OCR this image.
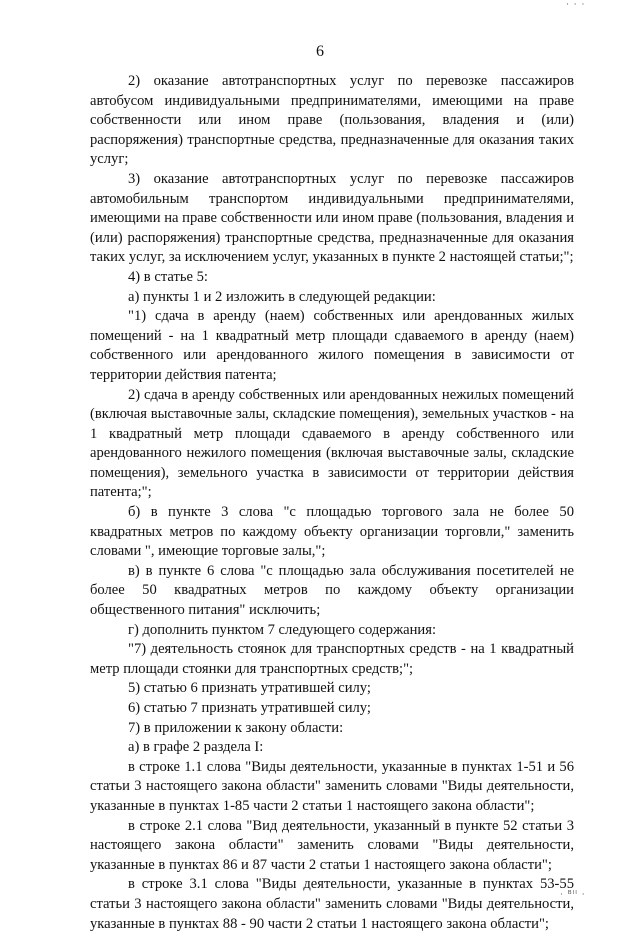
· · ·
6

2) оказание автотранспортных услуг по перевозке пассажиров автобусом индивидуальными предпринимателями, имеющими на праве собственности или ином праве (пользования, владения и (или) распоряжения) транспортные средства, предназначенные для оказания таких услуг;

3) оказание автотранспортных услуг по перевозке пассажиров автомобильным транспортом индивидуальными предпринимателями, имеющими на праве собственности или ином праве (пользования, владения и (или) распоряжения) транспортные средства, предназначенные для оказания таких услуг, за исключением услуг, указанных в пункте 2 настоящей статьи;";

4) в статье 5:

а) пункты 1 и 2 изложить в следующей редакции:

"1) сдача в аренду (наем) собственных или арендованных жилых помещений - на 1 квадратный метр площади сдаваемого в аренду (наем) собственного или арендованного жилого помещения в зависимости от территории действия патента;

2) сдача в аренду собственных или арендованных нежилых помещений (включая выставочные залы, складские помещения), земельных участков - на 1 квадратный метр площади сдаваемого в аренду собственного или арендованного нежилого помещения (включая выставочные залы, складские помещения), земельного участка в зависимости от территории действия патента;";

б) в пункте 3 слова "с площадью торгового зала не более 50 квадратных метров по каждому объекту организации торговли," заменить словами ", имеющие торговые залы,";

в) в пункте 6 слова "с площадью зала обслуживания посетителей не более 50 квадратных метров по каждому объекту организации общественного питания" исключить;

г) дополнить пунктом 7 следующего содержания:

"7) деятельность стоянок для транспортных средств - на 1 квадратный метр площади стоянки для транспортных средств;";

5) статью 6 признать утратившей силу;

6) статью 7 признать утратившей силу;

7) в приложении к закону области:

а) в графе 2 раздела I:

в строке 1.1 слова "Виды деятельности, указанные в пунктах 1-51 и 56 статьи 3 настоящего закона области" заменить словами "Виды деятельности, указанные в пунктах 1-85 части 2 статьи 1 настоящего закона области";

в строке 2.1 слова "Вид деятельности, указанный в пункте 52 статьи 3 настоящего закона области" заменить словами "Виды деятельности, указанные в пунктах 86 и 87 части 2 статьи 1 настоящего закона области";

в строке 3.1 слова "Виды деятельности, указанные в пунктах 53-55 статьи 3 настоящего закона области" заменить словами "Виды деятельности, указанные в пунктах 88 - 90 части 2 статьи 1 настоящего закона области";

· ᴮᴵᴵ ·
